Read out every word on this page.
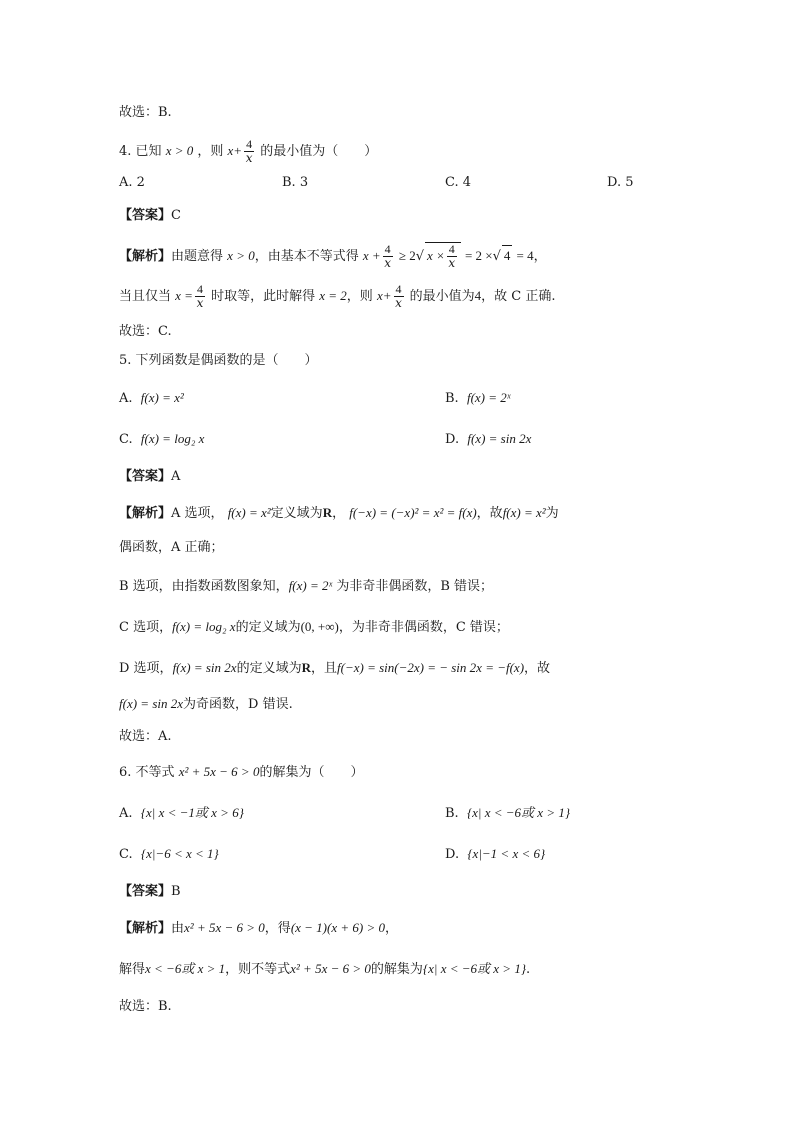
故选：B.
4. 已知 x > 0 ，则 $x+ \frac{4}{x}$ 的最小值为（　　）
A. 2	B. 3	C. 4	D. 5
【答案】C
【解析】由题意得 x > 0，由基本不等式得 $x + \frac{4}{x} \ge 2√$ $x \times \frac{4}{x} = 2$ ×√ 4 = 4，
当且仅当 $x = \frac{4}{x}$ 时取等，此时解得 x = 2，则 $x+ \frac{4}{x}$ 的最小值为4，故 C 正确.
故选：C.
5. 下列函数是偶函数的是（　　）
A. f(x) = x²	B. f(x) = 2ˣ
C. f(x) = log₂ x	D. f(x) = sin 2x
【答案】A
【解析】A 选项， f(x) = x²定义域为R， f(−x) = (−x)² = x² = f(x)，故f(x) = x²为
偶函数，A 正确；
B 选项，由指数函数图象知，f(x) = 2ˣ 为非奇非偶函数，B 错误；
C 选项，f(x) = log₂ x的定义域为(0, +∞)，为非奇非偶函数，C 错误；
D 选项，f(x) = sin 2x的定义域为R，且f(−x) = sin(−2x) = − sin 2x = −f(x)，故
f(x) = sin 2x为奇函数，D 错误.
故选：A.
6. 不等式 x² + 5x − 6 > 0的解集为（　　）
A. {x| x < −1或 x > 6}	B. {x| x < −6或 x > 1}
C. {x|−6 < x < 1}	D. {x|−1 < x < 6}
【答案】B
【解析】由x² + 5x − 6 > 0，得(x − 1)(x + 6) > 0，
解得x < −6或 x > 1，则不等式x² + 5x − 6 > 0的解集为{x| x < −6或 x > 1}.
故选：B.
